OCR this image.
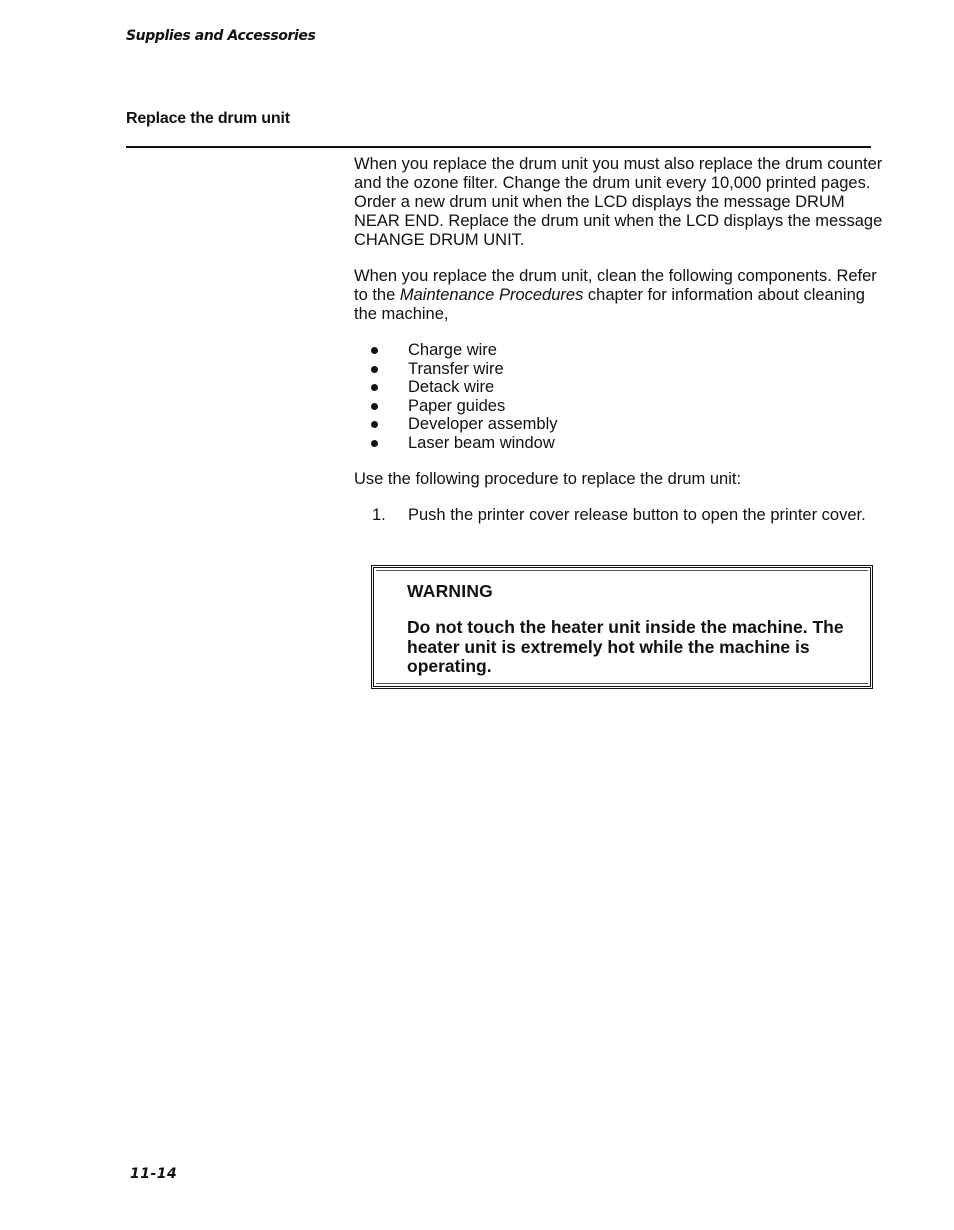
Supplies and Accessories
Replace the drum unit

When you replace the drum unit you must also replace the drum counter and the ozone filter. Change the drum unit every 10,000 printed pages. Order a new drum unit when the LCD displays the message DRUM NEAR END. Replace the drum unit when the LCD displays the message CHANGE DRUM UNIT.

When you replace the drum unit, clean the following components. Refer to the Maintenance Procedures chapter for information about cleaning the machine,

Charge wire
Transfer wire
Detack wire
Paper guides
Developer assembly
Laser beam window

Use the following procedure to replace the drum unit:

1. Push the printer cover release button to open the printer cover.
WARNING
Do not touch the heater unit inside the machine. The heater unit is extremely hot while the machine is operating.
11-14
